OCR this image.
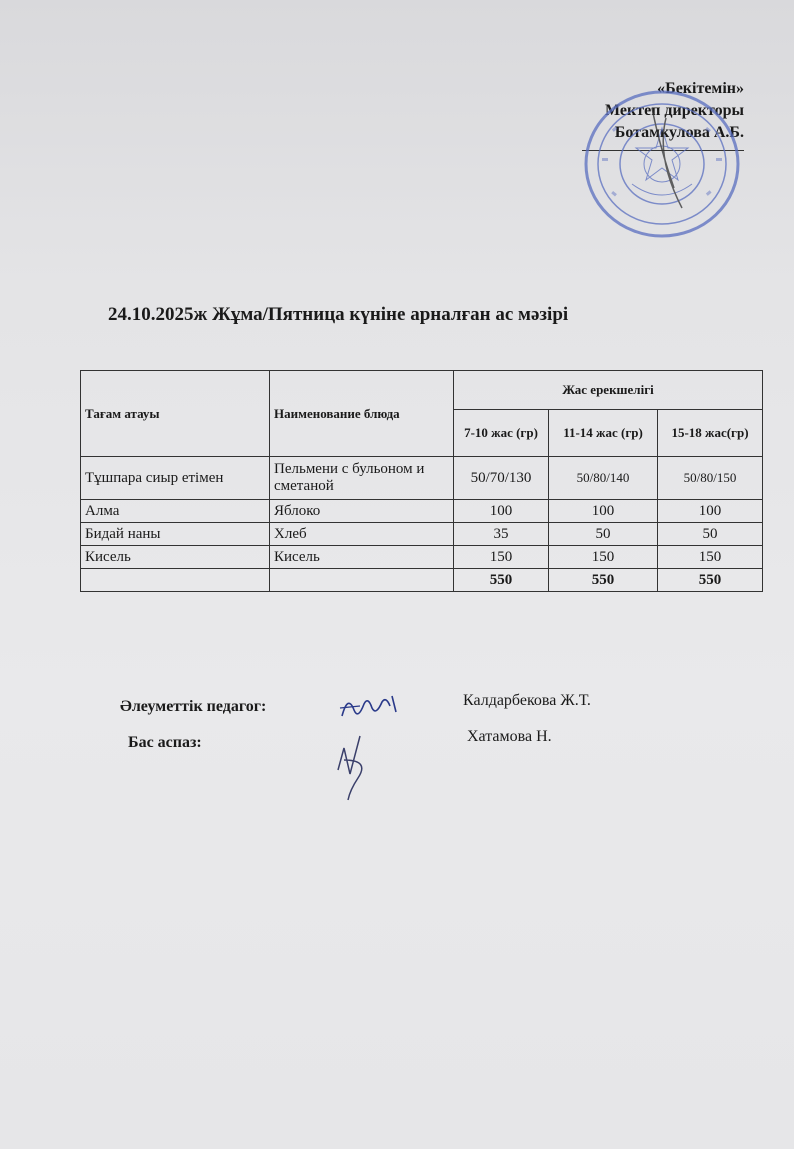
«Бекітемін»
Мектеп директоры
Ботамкулова А.Б.
24.10.2025ж Жұма/Пятница күніне арналған ас мәзірі
Тағам атауы	Наименование блюда	Жас ерекшелігі		
		7-10 жас (гр)	11-14 жас (гр)	15-18 жас(гр)
Тұшпара сиыр етімен	Пельмени с бульоном и сметаной	50/70/130	50/80/140	50/80/150
Алма	Яблоко	100	100	100
Бидай наны	Хлеб	35	50	50
Кисель	Кисель	150	150	150
		550	550	550
Әлеуметтік педагог:	Калдарбекова Ж.Т.
Бас аспаз:	Хатамова Н.
